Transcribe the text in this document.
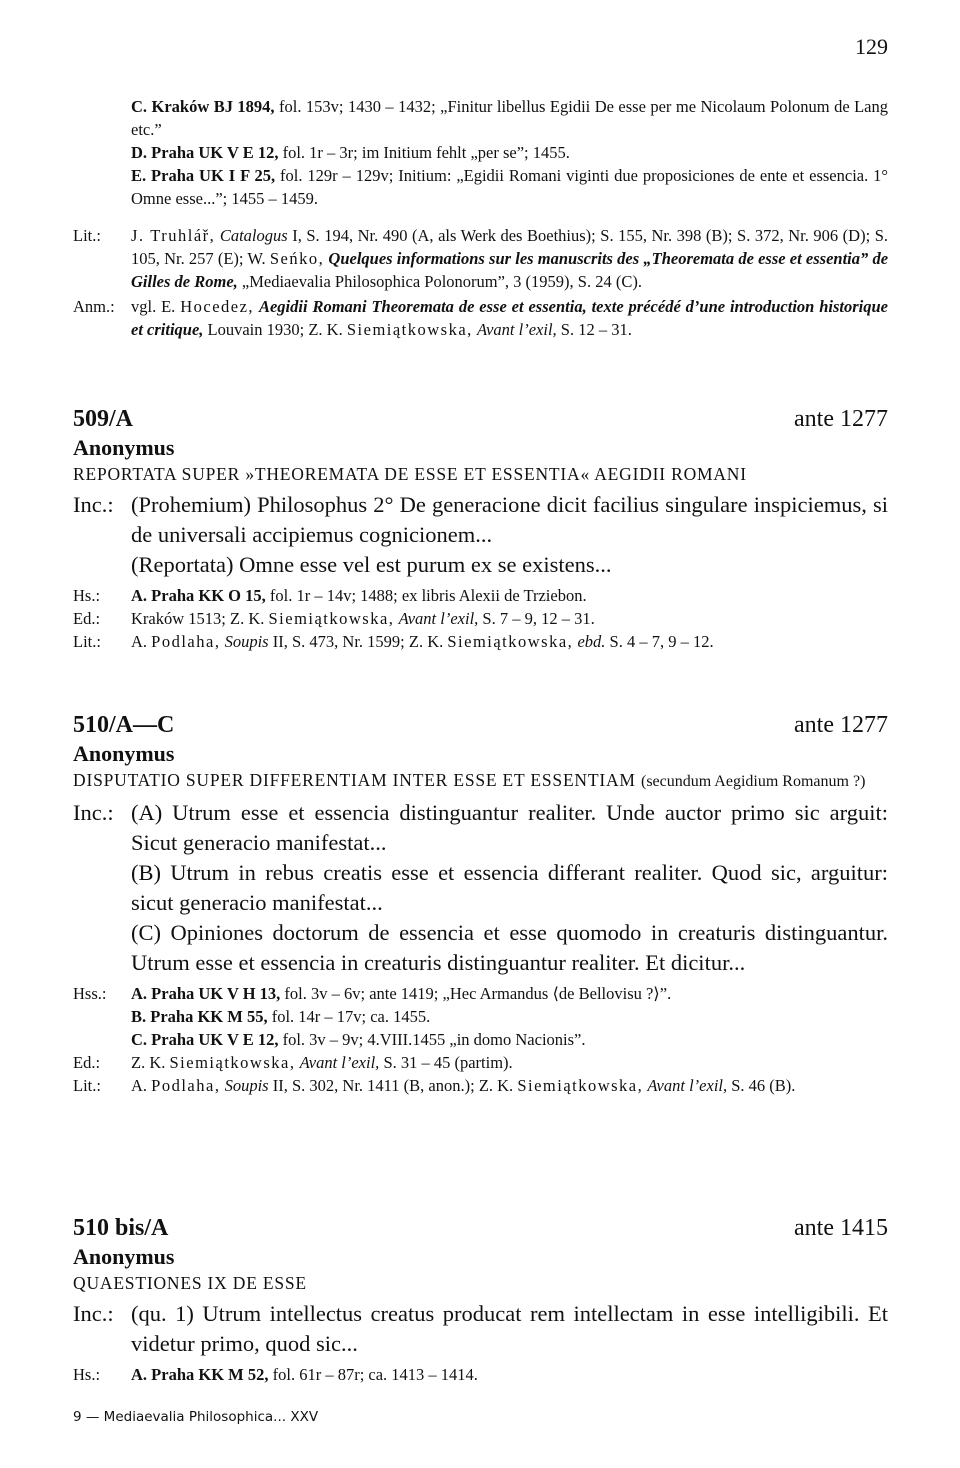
129
C. Kraków BJ 1894, fol. 153v; 1430 – 1432; „Finitur libellus Egidii De esse per me Nicolaum Polonum de Lang etc.”
D. Praha UK V E 12, fol. 1r – 3r; im Initium fehlt „per se”; 1455.
E. Praha UK I F 25, fol. 129r – 129v; Initium: „Egidii Romani viginti due proposiciones de ente et essencia. 1° Omne esse...”; 1455 – 1459.
Lit.:	J. Truhlář, Catalogus I, S. 194, Nr. 490 (A, als Werk des Boethius); S. 155, Nr. 398 (B); S. 372, Nr. 906 (D); S. 105, Nr. 257 (E); W. Seńko, Quelques informations sur les manuscrits des „Theoremata de esse et essentia” de Gilles de Rome, „Mediaevalia Philosophica Polonorum”, 3 (1959), S. 24 (C).
Anm.: vgl. E. Hocedez, Aegidii Romani Theoremata de esse et essentia, texte précédé d’une introduction historique et critique, Louvain 1930; Z. K. Siemiątkowska, Avant l’exil, S. 12 – 31.
509/A	ante 1277
Anonymus
REPORTATA SUPER »THEOREMATA DE ESSE ET ESSENTIA« AEGIDII ROMANI
Inc.: (Prohemium) Philosophus 2° De generacione dicit facilius singulare inspiciemus, si de universali accipiemus cognicionem...
(Reportata) Omne esse vel est purum ex se existens...
Hs.:	A. Praha KK O 15, fol. 1r – 14v; 1488; ex libris Alexii de Trziebon.
Ed.:	Kraków 1513; Z. K. Siemiątkowska, Avant l’exil, S. 7 – 9, 12 – 31.
Lit.:	A. Podlaha, Soupis II, S. 473, Nr. 1599; Z. K. Siemiątkowska, ebd. S. 4 – 7, 9 – 12.
510/A—C	ante 1277
Anonymus
DISPUTATIO SUPER DIFFERENTIAM INTER ESSE ET ESSENTIAM (secundum Aegidium Romanum ?)
Inc.: (A) Utrum esse et essencia distinguantur realiter. Unde auctor primo sic arguit: Sicut generacio manifestat...
(B) Utrum in rebus creatis esse et essencia differant realiter. Quod sic, arguitur: sicut generacio manifestat...
(C) Opiniones doctorum de essencia et esse quomodo in creaturis distinguantur. Utrum esse et essencia in creaturis distinguantur realiter. Et dicitur...
Hss.:	A. Praha UK V H 13, fol. 3v – 6v; ante 1419; „Hec Armandus ⟨de Bellovisu ?⟩”.
B. Praha KK M 55, fol. 14r – 17v; ca. 1455.
C. Praha UK V E 12, fol. 3v – 9v; 4.VIII.1455 „in domo Nacionis”.
Ed.:	Z. K. Siemiątkowska, Avant l’exil, S. 31 – 45 (partim).
Lit.:	A. Podlaha, Soupis II, S. 302, Nr. 1411 (B, anon.); Z. K. Siemiątkowska, Avant l’exil, S. 46 (B).
510 bis/A	ante 1415
Anonymus
QUAESTIONES IX DE ESSE
Inc.: (qu. 1) Utrum intellectus creatus producat rem intellectam in esse intelligibili. Et videtur primo, quod sic...
Hs.:	A. Praha KK M 52, fol. 61r – 87r; ca. 1413 – 1414.
9 — Mediaevalia Philosophica... XXV
